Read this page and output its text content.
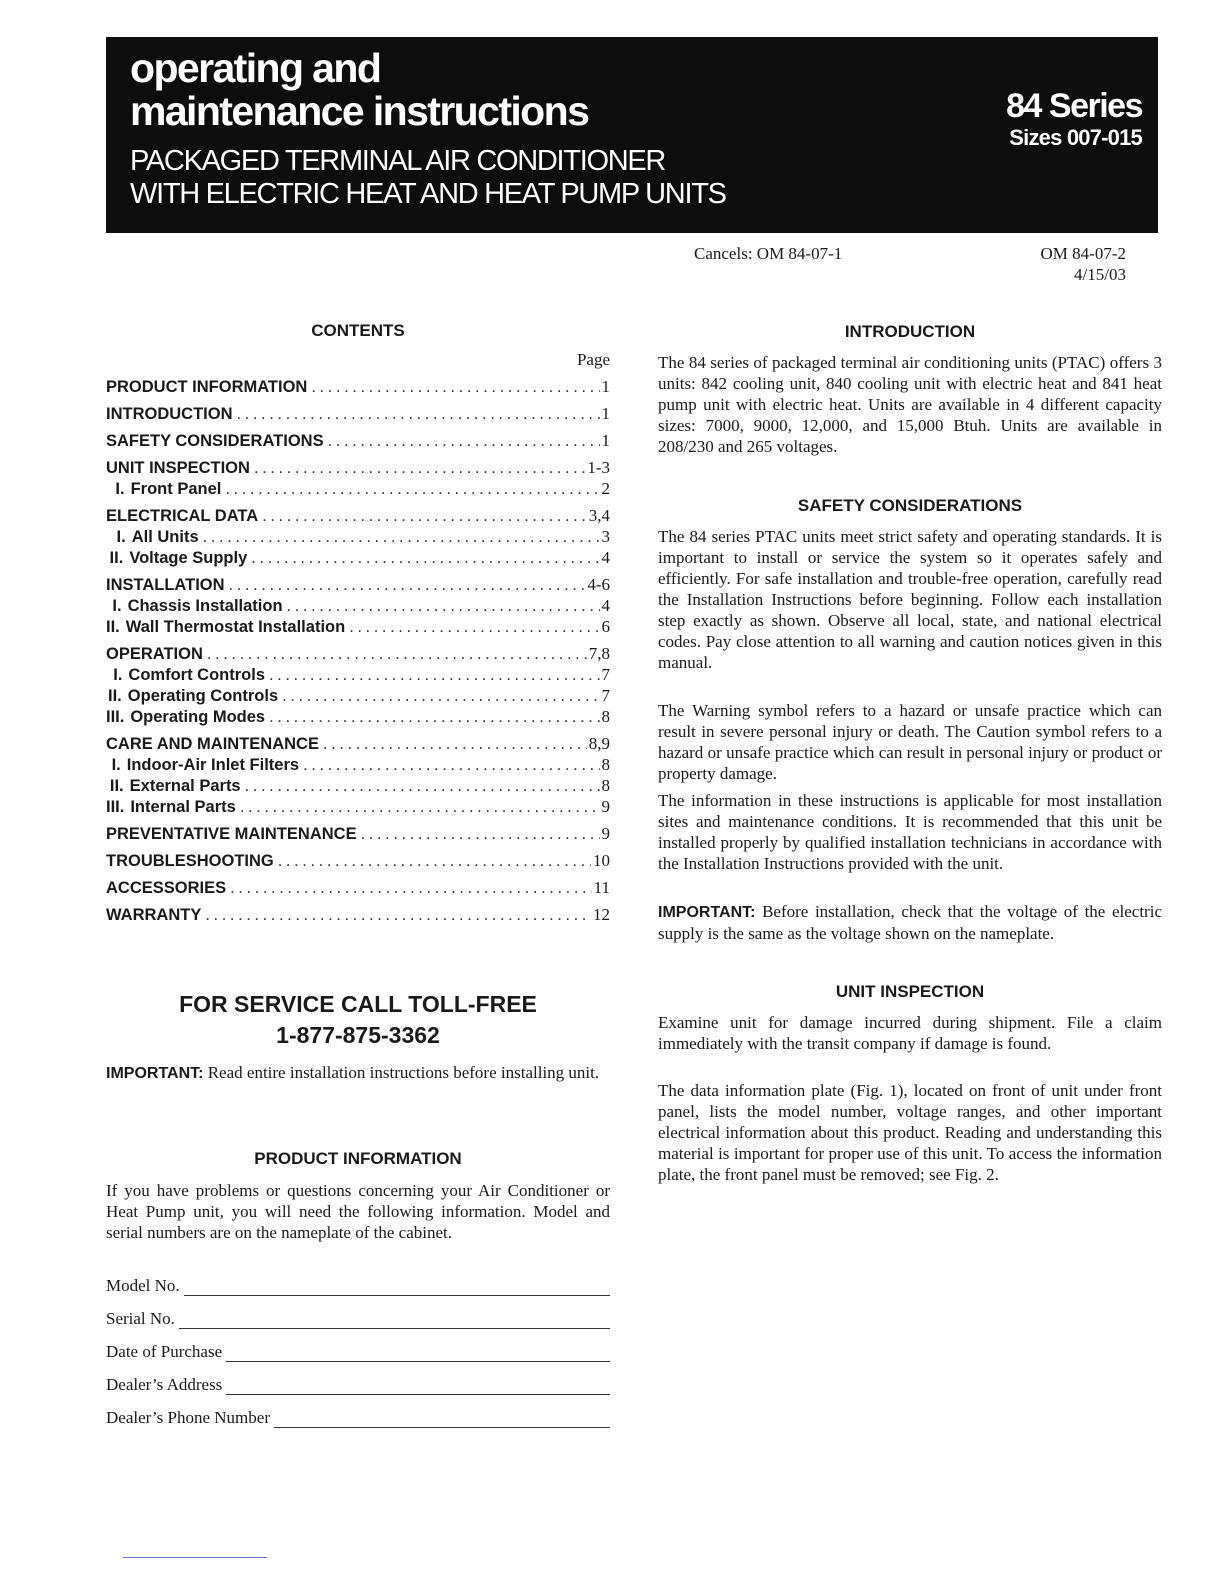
operating and
maintenance instructions
PACKAGED TERMINAL AIR CONDITIONER
WITH ELECTRIC HEAT AND HEAT PUMP UNITS
84 Series
Sizes 007-015
Cancels: OM 84-07-1	OM 84-07-2
4/15/03
CONTENTS
Page
PRODUCT INFORMATION .....	1
INTRODUCTION .....	1
SAFETY CONSIDERATIONS .....	1
UNIT INSPECTION .....	1-3
I. Front Panel .....	2
ELECTRICAL DATA .....	3,4
I. All Units .....	3
II. Voltage Supply .....	4
INSTALLATION .....	4-6
I. Chassis Installation .....	4
II. Wall Thermostat Installation .....	6
OPERATION .....	7,8
I. Comfort Controls .....	7
II. Operating Controls .....	7
III. Operating Modes .....	8
CARE AND MAINTENANCE .....	8,9
I. Indoor-Air Inlet Filters .....	8
II. External Parts .....	8
III. Internal Parts .....	9
PREVENTATIVE MAINTENANCE .....	9
TROUBLESHOOTING .....	10
ACCESSORIES .....	11
WARRANTY .....	12
FOR SERVICE CALL TOLL-FREE
1-877-875-3362

IMPORTANT: Read entire installation instructions before installing unit.

PRODUCT INFORMATION

If you have problems or questions concerning your Air Conditioner or Heat Pump unit, you will need the following information. Model and serial numbers are on the nameplate of the cabinet.

Model No.
Serial No.
Date of Purchase
Dealer’s Address
Dealer’s Phone Number
INTRODUCTION

The 84 series of packaged terminal air conditioning units (PTAC) offers 3 units: 842 cooling unit, 840 cooling unit with electric heat and 841 heat pump unit with electric heat. Units are available in 4 different capacity sizes: 7000, 9000, 12,000, and 15,000 Btuh. Units are available in 208/230 and 265 voltages.

SAFETY CONSIDERATIONS

The 84 series PTAC units meet strict safety and operating standards. It is important to install or service the system so it operates safely and efficiently. For safe installation and trouble-free operation, carefully read the Installation Instructions before beginning. Follow each installation step exactly as shown. Observe all local, state, and national electrical codes. Pay close attention to all warning and caution notices given in this manual.

The Warning symbol refers to a hazard or unsafe practice which can result in severe personal injury or death. The Caution symbol refers to a hazard or unsafe practice which can result in personal injury or product or property damage.

The information in these instructions is applicable for most installation sites and maintenance conditions. It is recommended that this unit be installed properly by qualified installation technicians in accordance with the Installation Instructions provided with the unit.

IMPORTANT: Before installation, check that the voltage of the electric supply is the same as the voltage shown on the nameplate.

UNIT INSPECTION

Examine unit for damage incurred during shipment. File a claim immediately with the transit company if damage is found.

The data information plate (Fig. 1), located on front of unit under front panel, lists the model number, voltage ranges, and other important electrical information about this product. Reading and understanding this material is important for proper use of this unit. To access the information plate, the front panel must be removed; see Fig. 2.
